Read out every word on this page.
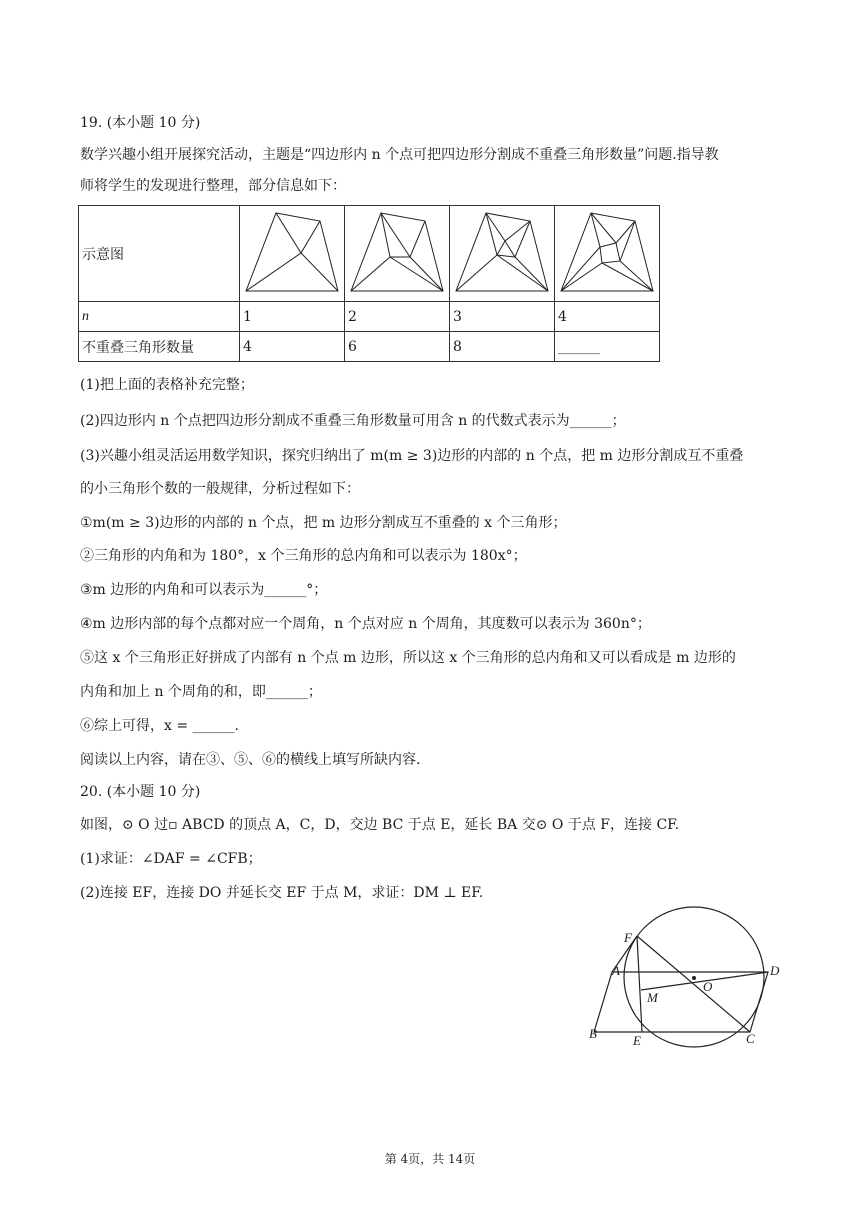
19. (本小题 10 分)
数学兴趣小组开展探究活动，主题是“四边形内 n 个点可把四边形分割成不重叠三角形数量”问题.指导教
师将学生的发现进行整理，部分信息如下：
示意图				
n	1	2	3	4
不重叠三角形数量	4	6	8	______
(1)把上面的表格补充完整；
(2)四边形内 n 个点把四边形分割成不重叠三角形数量可用含 n 的代数式表示为______；
(3)兴趣小组灵活运用数学知识，探究归纳出了 m(m ≥ 3)边形的内部的 n 个点，把 m 边形分割成互不重叠
的小三角形个数的一般规律，分析过程如下：
①m(m ≥ 3)边形的内部的 n 个点，把 m 边形分割成互不重叠的 x 个三角形；
②三角形的内角和为 180°，x 个三角形的总内角和可以表示为 180x°；
③m 边形的内角和可以表示为______°；
④m 边形内部的每个点都对应一个周角，n 个点对应 n 个周角，其度数可以表示为 360n°；
⑤这 x 个三角形正好拼成了内部有 n 个点 m 边形，所以这 x 个三角形的总内角和又可以看成是 m 边形的
内角和加上 n 个周角的和，即______；
⑥综上可得，x = ______.
阅读以上内容，请在③、⑤、⑥的横线上填写所缺内容.
20. (本小题 10 分)
如图，⊙ O 过▫ ABCD 的顶点 A，C，D，交边 BC 于点 E，延长 BA 交⊙ O 于点 F，连接 CF.
(1)求证：∠DAF = ∠CFB；
(2)连接 EF，连接 DO 并延长交 EF 于点 M，求证：DM ⊥ EF.
F
A	D
M
O
B	E	C
第 4页，共 14页
